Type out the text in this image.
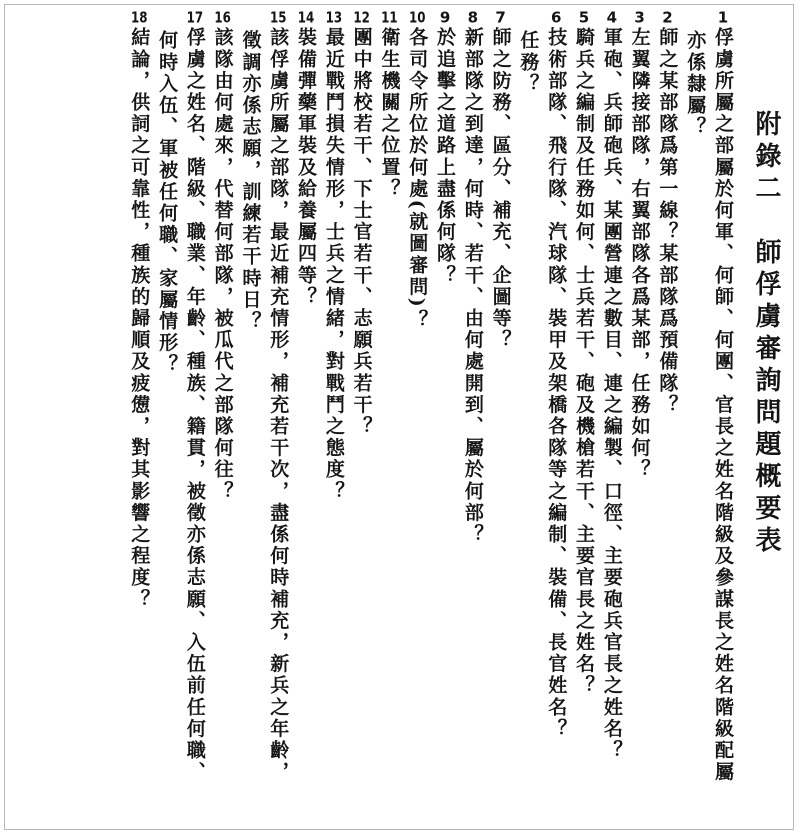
附錄二　師俘虜審詢問題概要表
1俘虜所屬之部屬於何軍、何師、何團、官長之姓名階級及參謀長之姓名階級配屬
亦係隸屬？
2師之某部隊爲第一線？某部隊爲預備隊？
3左翼隣接部隊，右翼部隊各爲某部，任務如何？
4軍砲、兵師砲兵、某團營連之數目、連之編製、口徑、主要砲兵官長之姓名？
5騎兵之編制及任務如何、士兵若干、砲及機槍若干、主要官長之姓名？
6技術部隊、飛行隊、汽球隊、裝甲及架橋各隊等之編制、裝備、長官姓名？
任務？
7師之防務、區分、補充、企圖等？
8新部隊之到達，何時、若干、由何處開到、屬於何部？
9於追擊之道路上盡係何隊？
10各司令所位於何處(就圖審問)？
11衛生機關之位置？
12團中將校若干、下士官若干、志願兵若干？
13最近戰鬥損失情形，士兵之情緒，對戰鬥之態度？
14裝備彈藥軍裝及給養屬四等？
15該俘虜所屬之部隊，最近補充情形，補充若干次，盡係何時補充，新兵之年齡，
徵調亦係志願，訓練若干時日？
16該隊由何處來，代替何部隊，被瓜代之部隊何往？
17俘虜之姓名、階級、職業、年齡、種族、籍貫，被徵亦係志願、入伍前任何職、
何時入伍、軍被任何職、家屬情形？
18結論，供詞之可靠性，種族的歸順及疲憊，對其影響之程度？
